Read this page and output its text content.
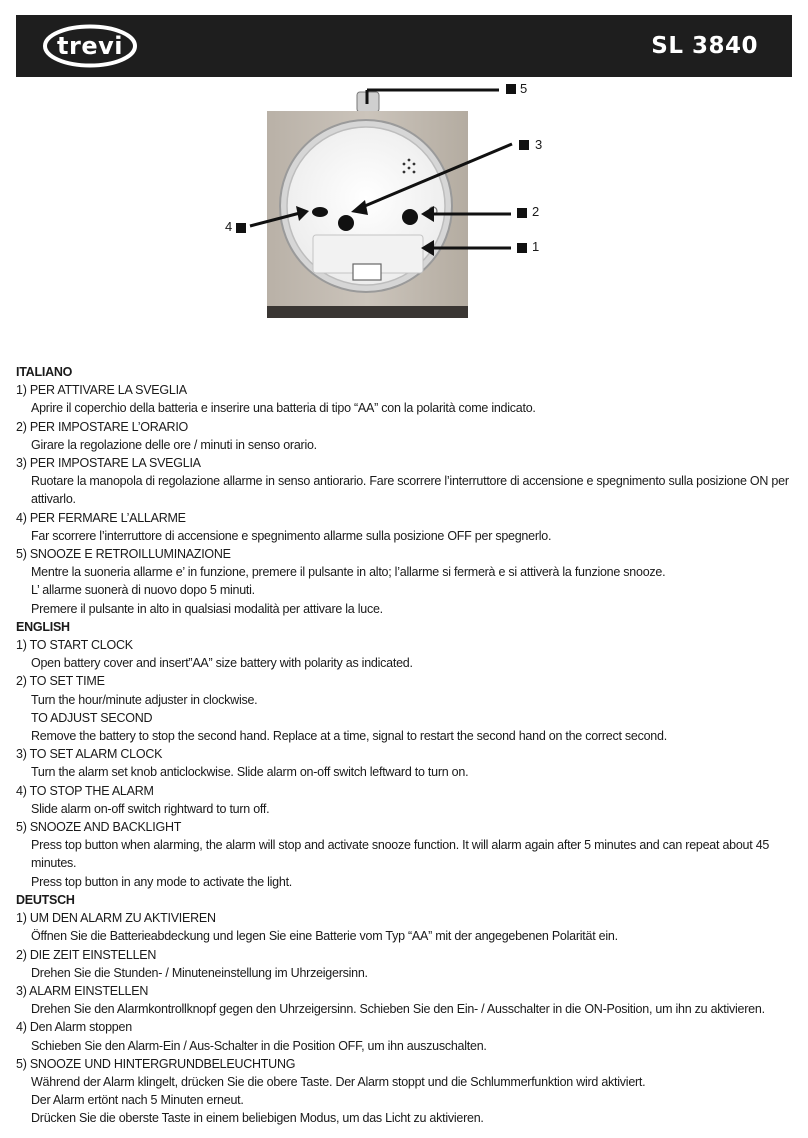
trevi	SL 3840
5
3
2
1
4
ITALIANO
1) PER ATTIVARE LA SVEGLIA
Aprire il coperchio della batteria e inserire una batteria di tipo “AA” con la polarità come indicato.
2) PER IMPOSTARE L’ORARIO
Girare la regolazione delle ore / minuti in senso orario.
3) PER IMPOSTARE LA SVEGLIA
Ruotare la manopola di regolazione allarme in senso antiorario. Fare scorrere l’interruttore di accensione e spegnimento sulla posizione ON per attivarlo.
4) PER FERMARE L’ALLARME
Far scorrere l’interruttore di accensione e spegnimento allarme sulla posizione OFF per spegnerlo.
5) SNOOZE E RETROILLUMINAZIONE
Mentre la suoneria allarme e’ in funzione, premere il pulsante in alto; l’allarme si fermerà e si attiverà la funzione snooze.
L’ allarme suonerà di nuovo dopo 5 minuti.
Premere il pulsante in alto in qualsiasi modalità per attivare la luce.
ENGLISH
1) TO START CLOCK
Open battery cover and insert”AA” size battery with polarity as indicated.
2) TO SET TIME
Turn the hour/minute adjuster in clockwise.
TO ADJUST SECOND
Remove the battery to stop the second hand. Replace at a time, signal to restart the second hand on the correct second.
3) TO SET ALARM CLOCK
Turn the alarm set knob anticlockwise. Slide alarm on-off switch leftward to turn on.
4) TO STOP THE ALARM
Slide alarm on-off switch rightward to turn off.
5) SNOOZE AND BACKLIGHT
Press top button when alarming, the alarm will stop and activate snooze function. It will alarm again after 5 minutes and can repeat about 45 minutes.
Press top button in any mode to activate the light.
DEUTSCH
1) UM DEN ALARM ZU AKTIVIEREN
Öffnen Sie die Batterieabdeckung und legen Sie eine Batterie vom Typ “AA” mit der angegebenen Polarität ein.
2) DIE ZEIT EINSTELLEN
Drehen Sie die Stunden- / Minuteneinstellung im Uhrzeigersinn.
3) ALARM EINSTELLEN
Drehen Sie den Alarmkontrollknopf gegen den Uhrzeigersinn. Schieben Sie den Ein- / Ausschalter in die ON-Position, um ihn zu aktivieren.
4) Den Alarm stoppen
Schieben Sie den Alarm-Ein / Aus-Schalter in die Position OFF, um ihn auszuschalten.
5) SNOOZE UND HINTERGRUNDBELEUCHTUNG
Während der Alarm klingelt, drücken Sie die obere Taste. Der Alarm stoppt und die Schlummerfunktion wird aktiviert.
Der Alarm ertönt nach 5 Minuten erneut.
Drücken Sie die oberste Taste in einem beliebigen Modus, um das Licht zu aktivieren.
